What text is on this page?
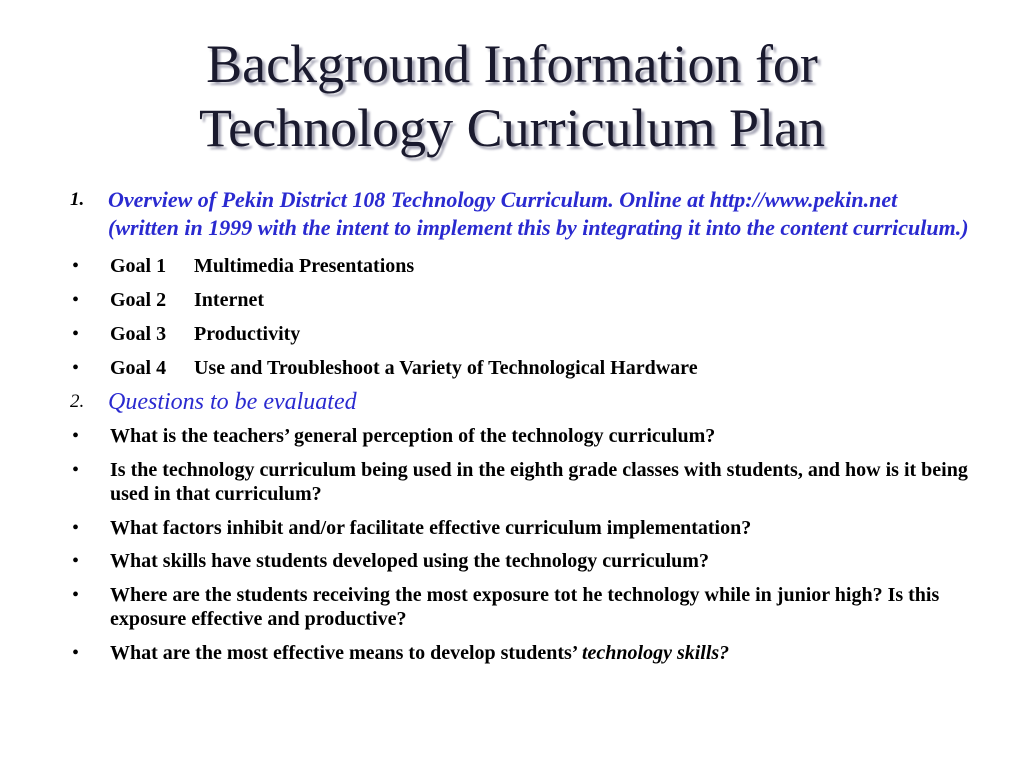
Background Information for
Technology Curriculum Plan
1. Overview of Pekin District 108 Technology Curriculum. Online at http://www.pekin.net (written in 1999 with the intent to implement this by integrating it into the content curriculum.)
• Goal 1 Multimedia Presentations
• Goal 2 Internet
• Goal 3 Productivity
• Goal 4 Use and Troubleshoot a Variety of Technological Hardware
2. Questions to be evaluated
• What is the teachers’ general perception of the technology curriculum?
• Is the technology curriculum being used in the eighth grade classes with students, and how is it being used in that curriculum?
• What factors inhibit and/or facilitate effective curriculum implementation?
• What skills have students developed using the technology curriculum?
• Where are the students receiving the most exposure tot he technology while in junior high? Is this exposure effective and productive?
• What are the most effective means to develop students’ technology skills?
